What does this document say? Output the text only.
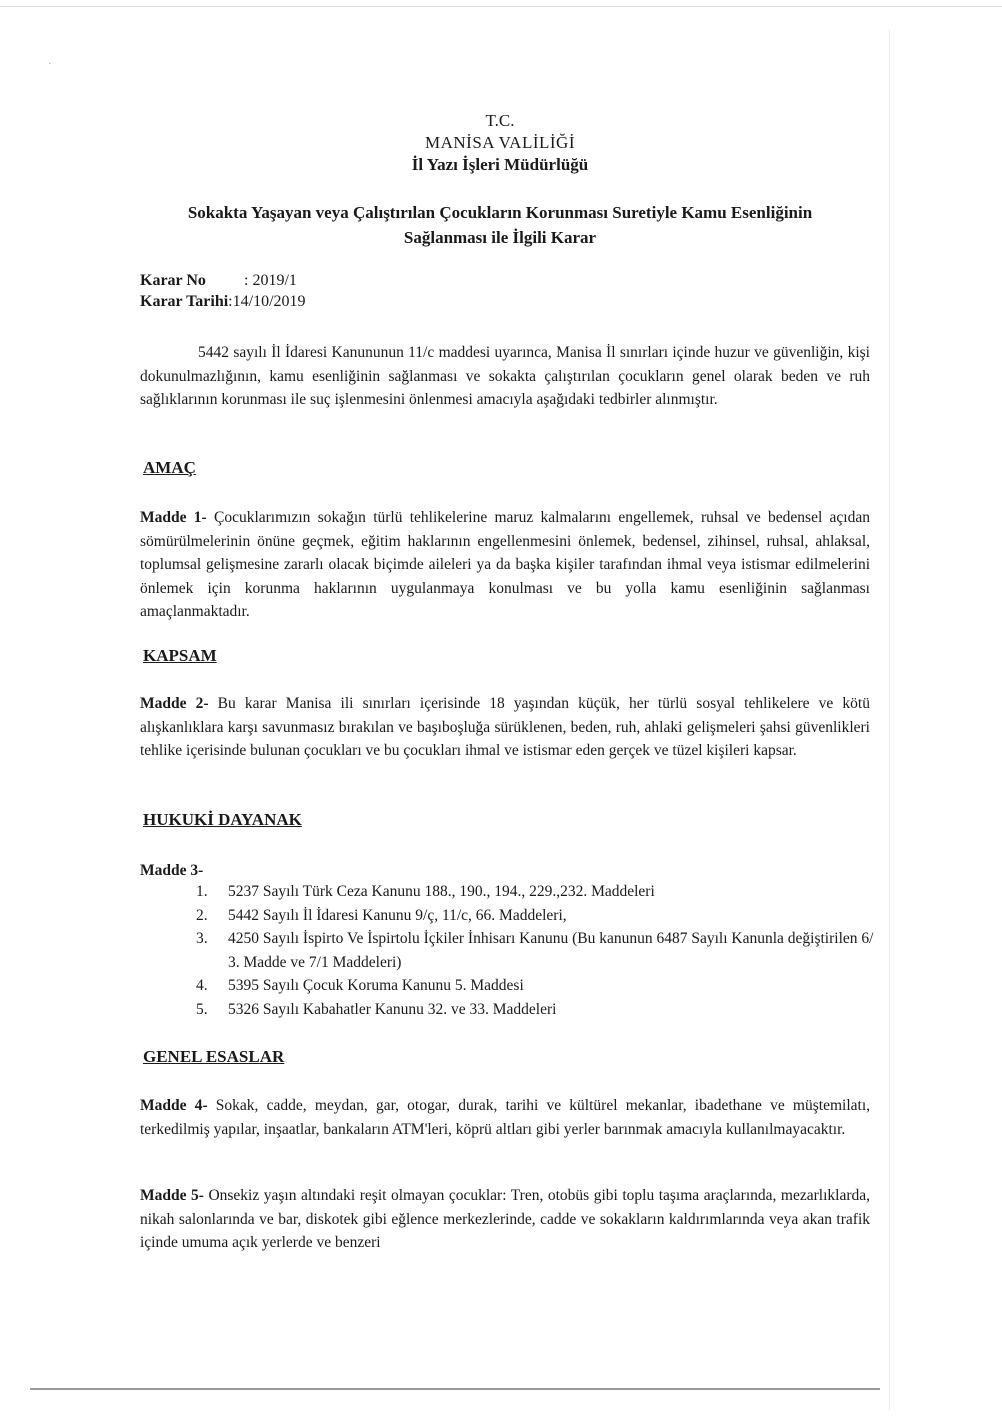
·
T.C.
MANİSA VALİLİĞİ
İl Yazı İşleri Müdürlüğü
Sokakta Yaşayan veya Çalıştırılan Çocukların Korunması Suretiyle Kamu Esenliğinin
Sağlanması ile İlgili Karar
Karar No : 2019/1
Karar Tarihi:14/10/2019
5442 sayılı İl İdaresi Kanununun 11/c maddesi uyarınca, Manisa İl sınırları içinde huzur ve güvenliğin, kişi dokunulmazlığının, kamu esenliğinin sağlanması ve sokakta çalıştırılan çocukların genel olarak beden ve ruh sağlıklarının korunması ile suç işlenmesini önlenmesi amacıyla aşağıdaki tedbirler alınmıştır.
AMAÇ
Madde 1- Çocuklarımızın sokağın türlü tehlikelerine maruz kalmalarını engellemek, ruhsal ve bedensel açıdan sömürülmelerinin önüne geçmek, eğitim haklarının engellenmesini önlemek, bedensel, zihinsel, ruhsal, ahlaksal, toplumsal gelişmesine zararlı olacak biçimde aileleri ya da başka kişiler tarafından ihmal veya istismar edilmelerini önlemek için korunma haklarının uygulanmaya konulması ve bu yolla kamu esenliğinin sağlanması amaçlanmaktadır.
KAPSAM
Madde 2- Bu karar Manisa ili sınırları içerisinde 18 yaşından küçük, her türlü sosyal tehlikelere ve kötü alışkanlıklara karşı savunmasız bırakılan ve başıboşluğa sürüklenen, beden, ruh, ahlaki gelişmeleri şahsi güvenlikleri tehlike içerisinde bulunan çocukları ve bu çocukları ihmal ve istismar eden gerçek ve tüzel kişileri kapsar.
HUKUKİ DAYANAK
Madde 3-
1. 5237 Sayılı Türk Ceza Kanunu 188., 190., 194., 229.,232. Maddeleri
2. 5442 Sayılı İl İdaresi Kanunu 9/ç, 11/c, 66. Maddeleri,
3. 4250 Sayılı İspirto Ve İspirtolu İçkiler İnhisarı Kanunu (Bu kanunun 6487 Sayılı Kanunla değiştirilen 6/ 3. Madde ve 7/1 Maddeleri)
4. 5395 Sayılı Çocuk Koruma Kanunu 5. Maddesi
5. 5326 Sayılı Kabahatler Kanunu 32. ve 33. Maddeleri
GENEL ESASLAR
Madde 4- Sokak, cadde, meydan, gar, otogar, durak, tarihi ve kültürel mekanlar, ibadethane ve müştemilatı, terkedilmiş yapılar, inşaatlar, bankaların ATM'leri, köprü altları gibi yerler barınmak amacıyla kullanılmayacaktır.
Madde 5- Onsekiz yaşın altındaki reşit olmayan çocuklar: Tren, otobüs gibi toplu taşıma araçlarında, mezarlıklarda, nikah salonlarında ve bar, diskotek gibi eğlence merkezlerinde, cadde ve sokakların kaldırımlarında veya akan trafik içinde umuma açık yerlerde ve benzeri
